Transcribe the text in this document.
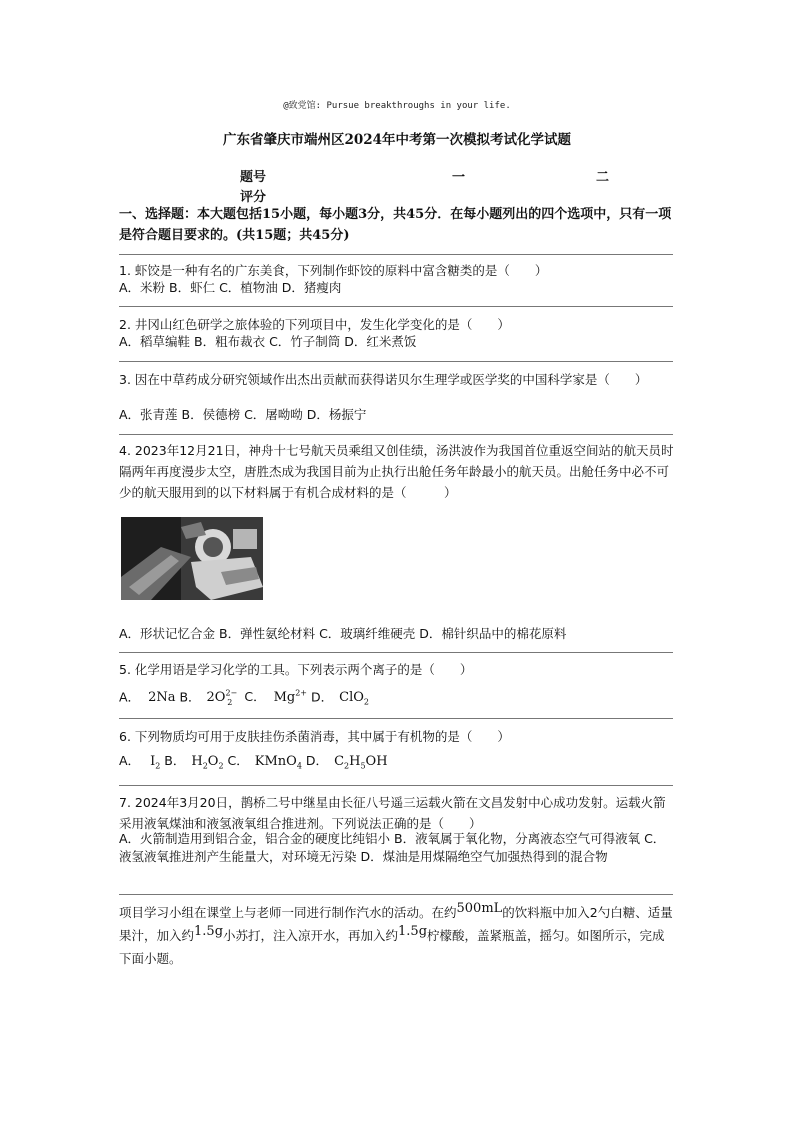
@致党馆: Pursue breakthroughs in your life.
广东省肇庆市端州区2024年中考第一次模拟考试化学试题
题号	一	二
评分
一、选择题：本大题包括15小题，每小题3分，共45分．在每小题列出的四个选项中，只有一项是符合题目要求的。(共15题；共45分)
1. 虾饺是一种有名的广东美食，下列制作虾饺的原料中富含糖类的是（　　）
A．米粉 B．虾仁 C．植物油 D．猪瘦肉
2. 井冈山红色研学之旅体验的下列项目中，发生化学变化的是（　　）
A．稻草编鞋 B．粗布裁衣 C．竹子制筒 D．红米煮饭
3. 因在中草药成分研究领域作出杰出贡献而获得诺贝尔生理学或医学奖的中国科学家是（　　）
A．张青莲 B．侯德榜 C．屠呦呦 D．杨振宁
4. 2023年12月21日，神舟十七号航天员乘组又创佳绩，汤洪波作为我国首位重返空间站的航天员时隔两年再度漫步太空，唐胜杰成为我国目前为止执行出舱任务年龄最小的航天员。出舱任务中必不可少的航天服用到的以下材料属于有机合成材料的是（　　　）
A．形状记忆合金 B．弹性氨纶材料 C．玻璃纤维硬壳 D．棉针织品中的棉花原料
5. 化学用语是学习化学的工具。下列表示两个离子的是（　　）
A． 2Na B． $2O^{2-}_2$ C． $Mg^{2+}$ D． ClO$_2$
6. 下列物质均可用于皮肤挂伤杀菌消毒，其中属于有机物的是（　　）
A． $I_2$ B． $H_2O_2$ C． KMnO$_4$ D． $C_2H_5OH$
7. 2024年3月20日，鹊桥二号中继星由长征八号遥三运载火箭在文昌发射中心成功发射。运载火箭采用液氧煤油和液氢液氧组合推进剂。下列说法正确的是（　　）
A．火箭制造用到铝合金，铝合金的硬度比纯铝小 B．液氧属于氧化物，分离液态空气可得液氧 C．液氢液氧推进剂产生能量大，对环境无污染 D．煤油是用煤隔绝空气加强热得到的混合物
项目学习小组在课堂上与老师一同进行制作汽水的活动。在约500mL的饮料瓶中加入2勺白糖、适量果汁，加入约1.5g小苏打，注入凉开水，再加入约1.5g柠檬酸，盖紧瓶盖，摇匀。如图所示，完成下面小题。
